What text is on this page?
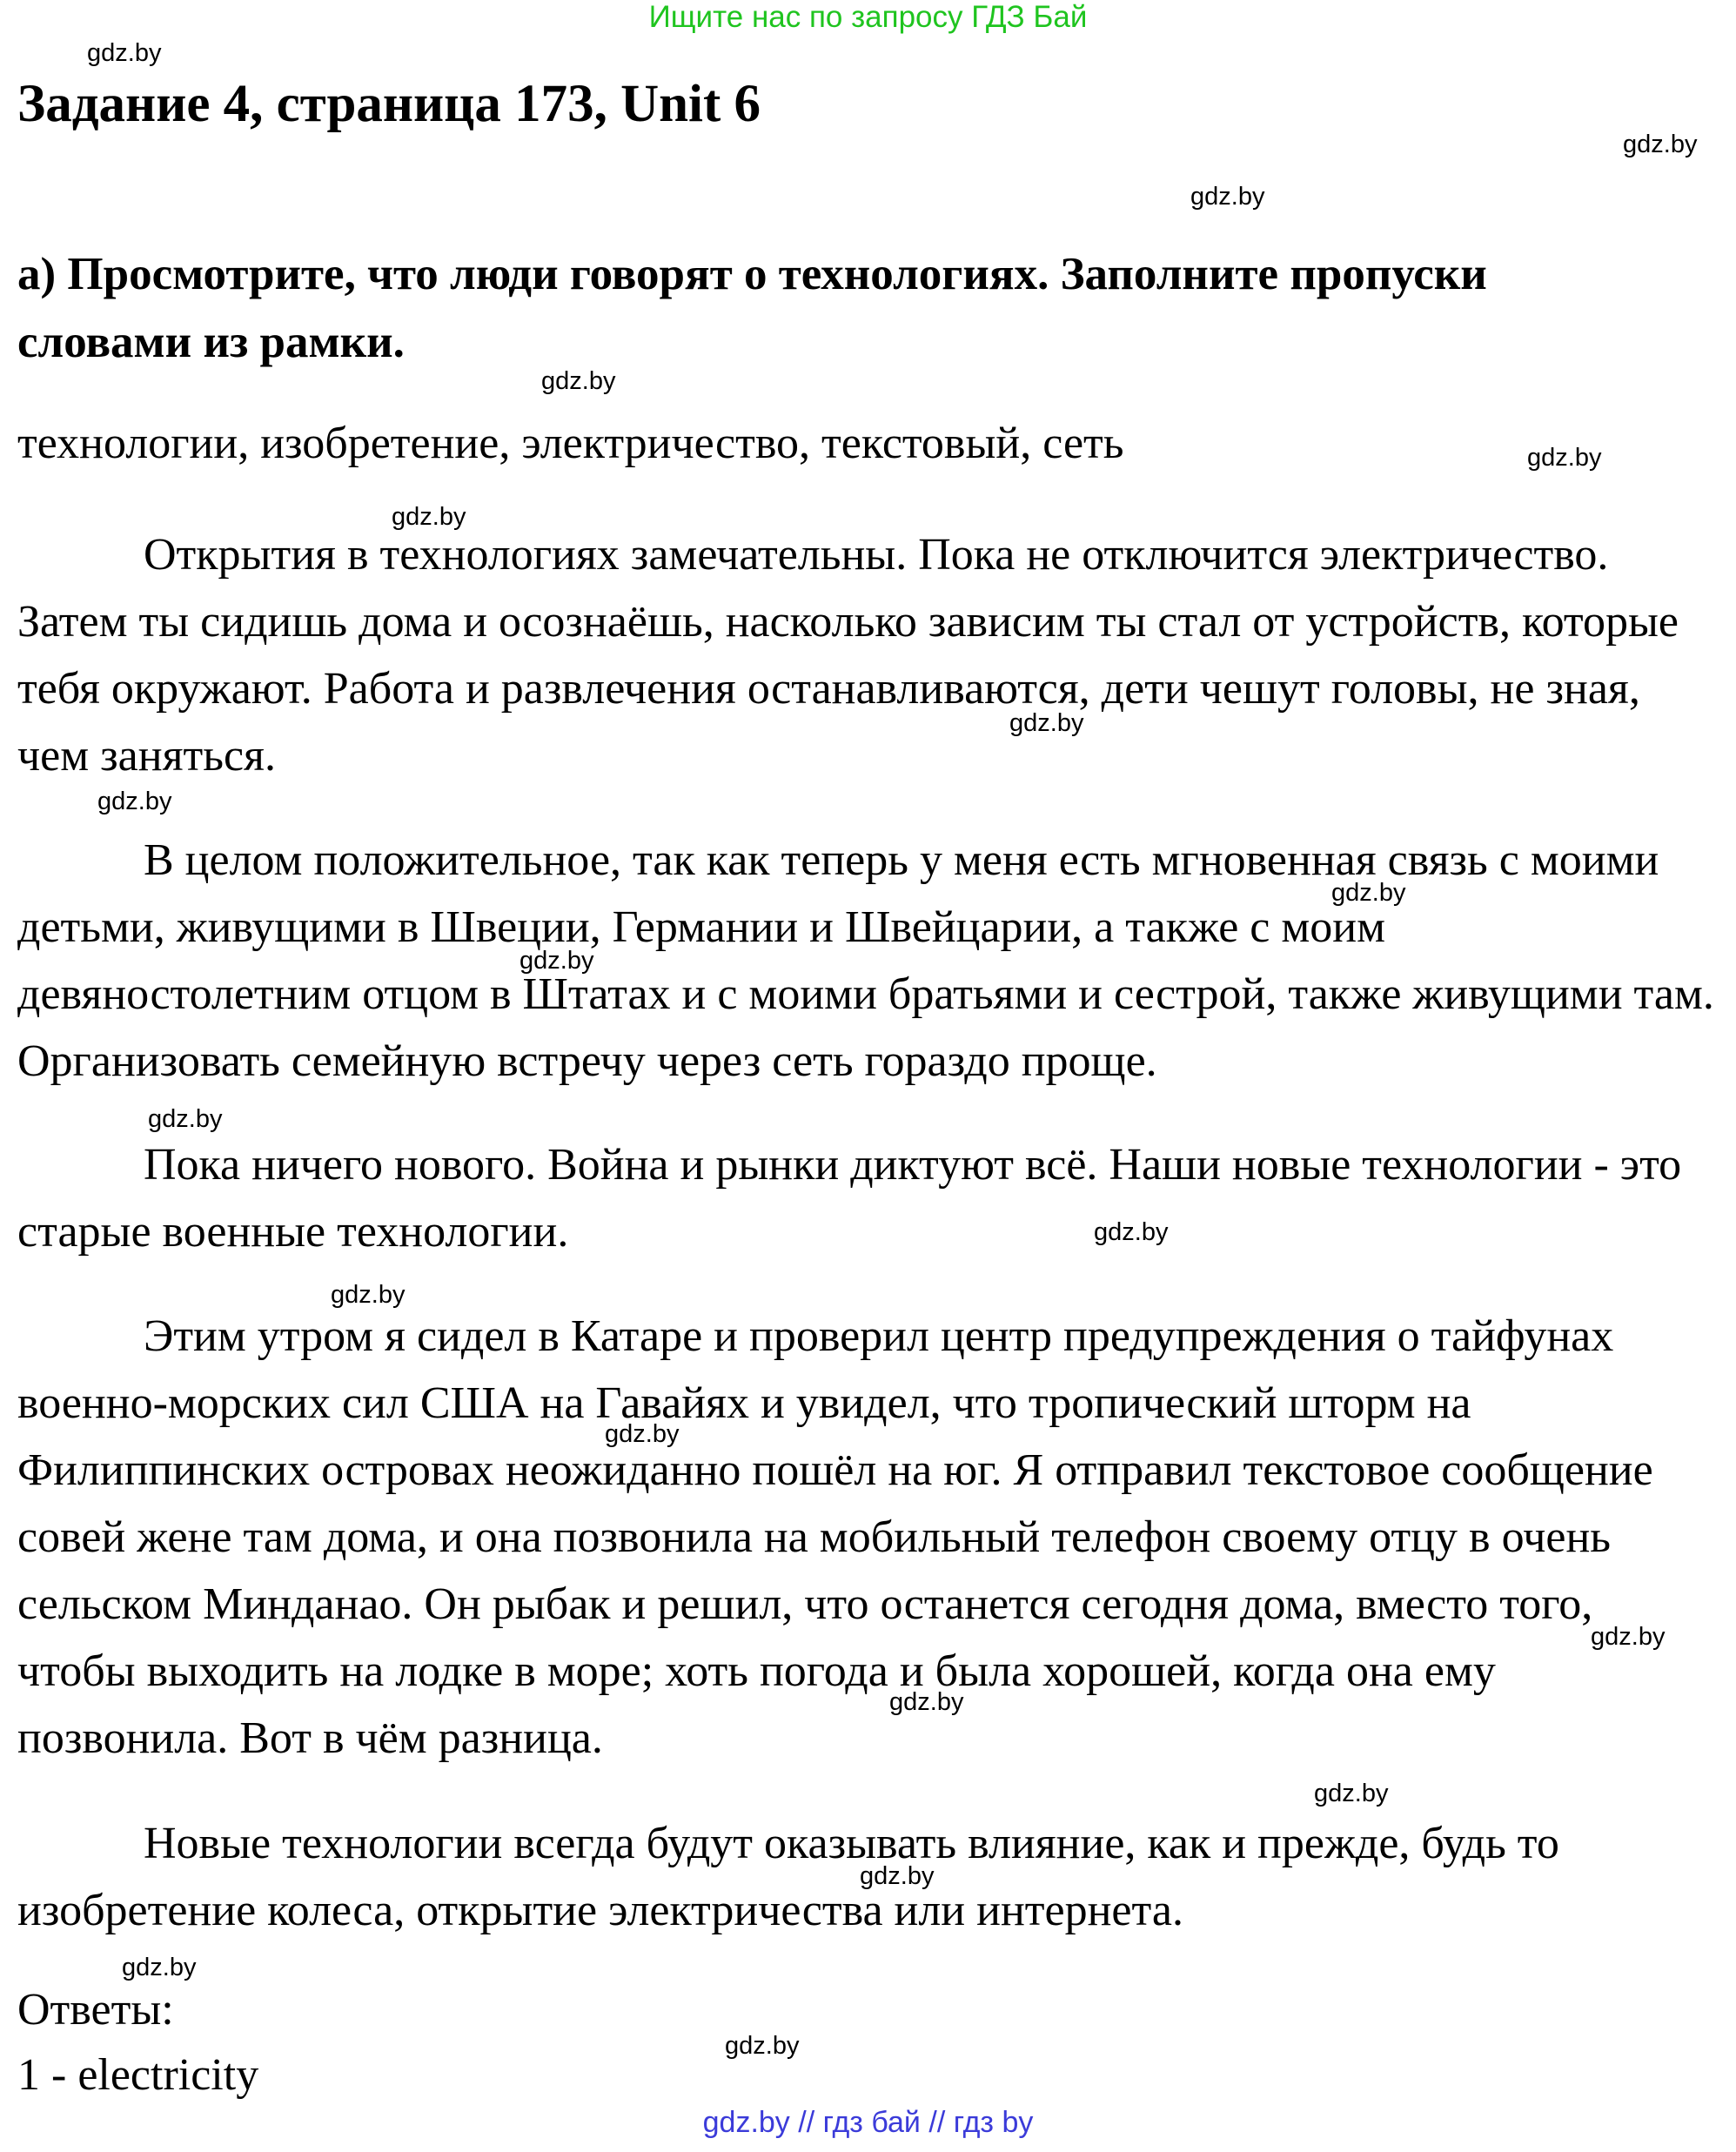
Ищите нас по запросу ГДЗ Бай
Задание 4, страница 173, Unit 6
a) Просмотрите, что люди говорят о технологиях. Заполните пропуски
словами из рамки.
технологии, изобретение, электричество, текстовый, сеть
Открытия в технологиях замечательны. Пока не отключится электричество. Затем ты сидишь дома и осознаёшь, насколько зависим ты стал от устройств, которые тебя окружают. Работа и развлечения останавливаются, дети чешут головы, не зная, чем заняться.
В целом положительное, так как теперь у меня есть мгновенная связь с моими детьми, живущими в Швеции, Германии и Швейцарии, а также с моим девяностолетним отцом в Штатах и с моими братьями и сестрой, также живущими там. Организовать семейную встречу через сеть гораздо проще.
Пока ничего нового. Война и рынки диктуют всё. Наши новые технологии - это старые военные технологии.
Этим утром я сидел в Катаре и проверил центр предупреждения о тайфунах военно-морских сил США на Гавайях и увидел, что тропический шторм на Филиппинских островах неожиданно пошёл на юг. Я отправил текстовое сообщение совей жене там дома, и она позвонила на мобильный телефон своему отцу в очень сельском Минданао. Он рыбак и решил, что останется сегодня дома, вместо того, чтобы выходить на лодке в море; хоть погода и была хорошей, когда она ему позвонила. Вот в чём разница.
Новые технологии всегда будут оказывать влияние, как и прежде, будь то изобретение колеса, открытие электричества или интернета.
Ответы:
1 - electricity
gdz.by
gdz.by
gdz.by
gdz.by
gdz.by
gdz.by
gdz.by
gdz.by
gdz.by
gdz.by
gdz.by
gdz.by
gdz.by
gdz.by
gdz.by
gdz.by
gdz.by
gdz.by
gdz.by
gdz.by
gdz.by // гдз бай // гдз by
